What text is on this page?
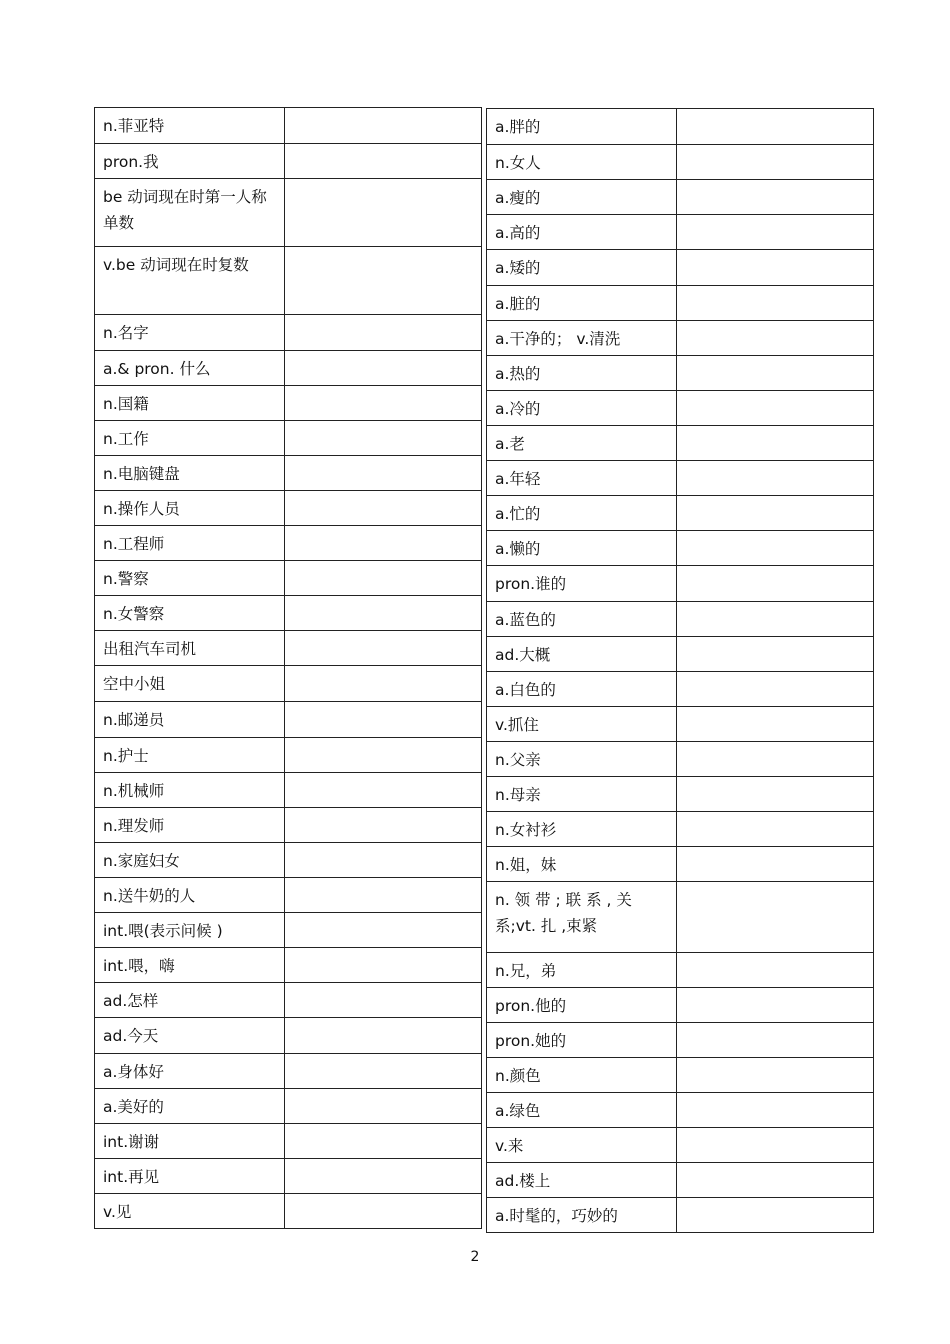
n.菲亚特	
pron.我	
be 动词现在时第一人称单数	
v.be 动词现在时复数	
n.名字	
a.& pron. 什么	
n.国籍	
n.工作	
n.电脑键盘	
n.操作人员	
n.工程师	
n.警察	
n.女警察	
出租汽车司机	
空中小姐	
n.邮递员	
n.护士	
n.机械师	
n.理发师	
n.家庭妇女	
n.送牛奶的人	
int.喂(表示问候 )	
int.喂，嗨	
ad.怎样	
ad.今天	
a.身体好	
a.美好的	
int.谢谢	
int.再见	
v.见	
a.胖的	
n.女人	
a.瘦的	
a.高的	
a.矮的	
a.脏的	
a.干净的； v.清洗	
a.热的	
a.冷的	
a.老	
a.年轻	
a.忙的	
a.懒的	
pron.谁的	
a.蓝色的	
ad.大概	
a.白色的	
v.抓住	
n.父亲	
n.母亲	
n.女衬衫	
n.姐，妹	
n. 领 带 ; 联 系 , 关系;vt. 扎 ,束紧	
n.兄，弟	
pron.他的	
pron.她的	
n.颜色	
a.绿色	
v.来	
ad.楼上	
a.时髦的，巧妙的	
2
